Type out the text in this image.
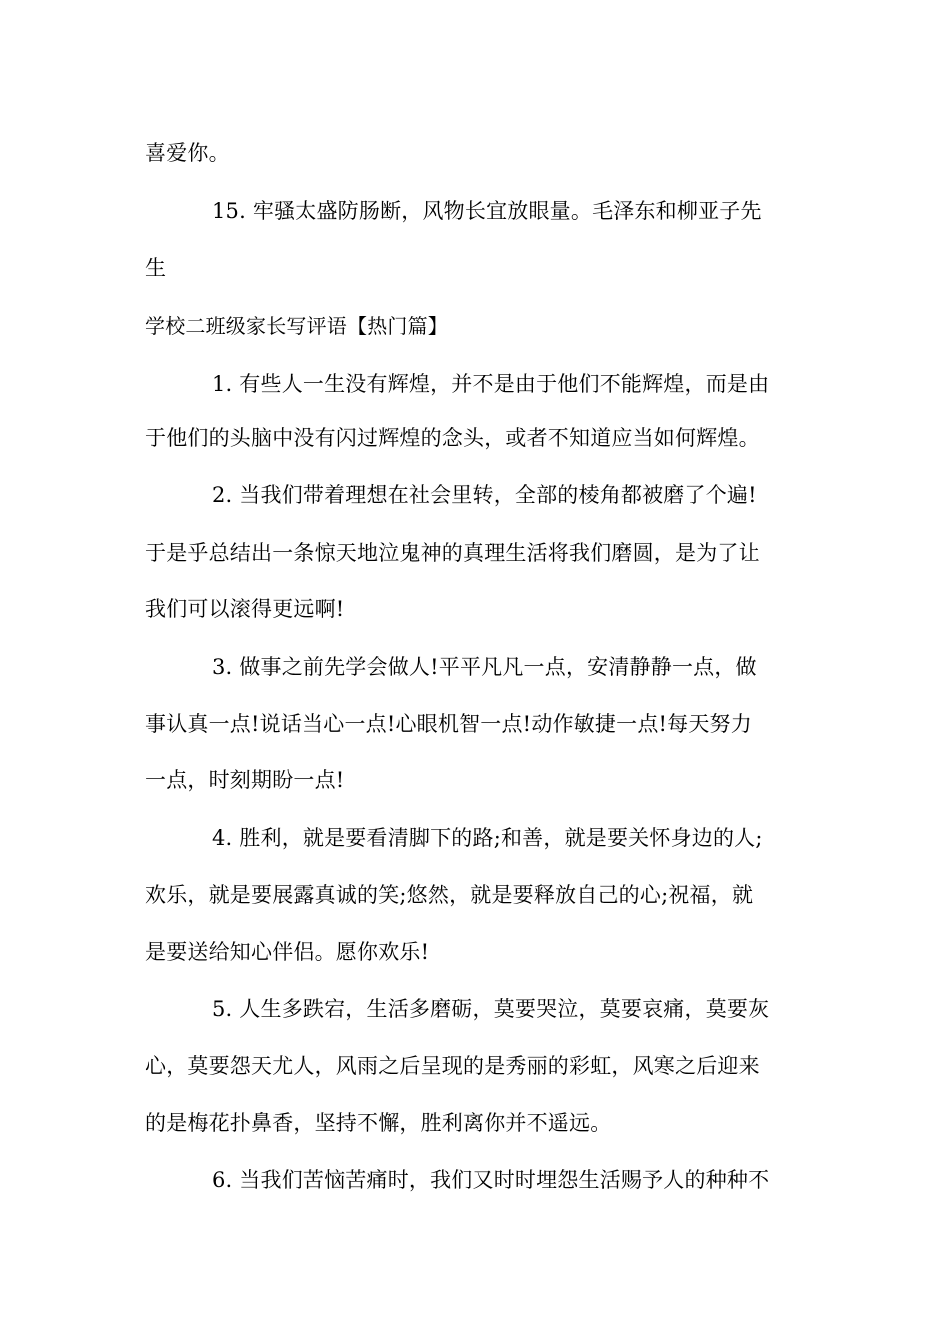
喜爱你。
15. 牢骚太盛防肠断，风物长宜放眼量。毛泽东和柳亚子先
生
学校二班级家长写评语【热门篇】
1. 有些人一生没有辉煌，并不是由于他们不能辉煌，而是由
于他们的头脑中没有闪过辉煌的念头，或者不知道应当如何辉煌。
2. 当我们带着理想在社会里转，全部的棱角都被磨了个遍!
于是乎总结出一条惊天地泣鬼神的真理生活将我们磨圆，是为了让
我们可以滚得更远啊!
3. 做事之前先学会做人!平平凡凡一点，安清静静一点，做
事认真一点!说话当心一点!心眼机智一点!动作敏捷一点!每天努力
一点，时刻期盼一点!
4. 胜利，就是要看清脚下的路;和善，就是要关怀身边的人;
欢乐，就是要展露真诚的笑;悠然，就是要释放自己的心;祝福，就
是要送给知心伴侣。愿你欢乐!
5. 人生多跌宕，生活多磨砺，莫要哭泣，莫要哀痛，莫要灰
心，莫要怨天尤人，风雨之后呈现的是秀丽的彩虹，风寒之后迎来
的是梅花扑鼻香，坚持不懈，胜利离你并不遥远。
6. 当我们苦恼苦痛时，我们又时时埋怨生活赐予人的种种不
